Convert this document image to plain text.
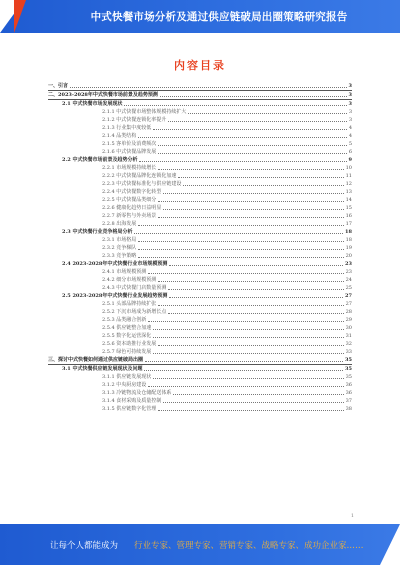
中式快餐市场分析及通过供应链破局出圈策略研究报告
内容目录
一、引言	3
二、2023-2028年中式快餐市场前景及趋势预测	3
2.1 中式快餐市场发展现状	3
2.1.1 中式快餐市场整体规模持续扩大	3
2.1.2 中式快餐连锁化率提升	3
2.1.3 行业集中度较低	4
2.1.4 品类结构	4
2.1.5 客单价及消费频次	5
2.1.6 中式快餐品牌发展	6
2.2 中式快餐市场前景及趋势分析	9
2.2.1 市场规模持续增长	10
2.2.2 中式快餐品牌化连锁化加速	11
2.2.3 中式快餐标准化与供应链建设	12
2.2.4 中式快餐数字化转型	13
2.2.5 中式快餐品类细分	14
2.2.6 健康化趋势日益明显	15
2.2.7 新零售与外卖场景	16
2.2.8 出海发展	17
2.3 中式快餐行业竞争格局分析	18
2.3.1 市场格局	18
2.3.2 竞争梯队	19
2.3.3 竞争策略	20
2.4 2023-2028年中式快餐行业市场规模预测	23
2.4.1 市场规模预测	23
2.4.2 细分市场规模预测	24
2.4.3 中式快餐门店数量预测	25
2.5 2023-2028年中式快餐行业发展趋势预测	27
2.5.1 头部品牌持续扩张	27
2.5.2 下沉市场成为新增长点	28
2.5.3 品类融合创新	29
2.5.4 供应链整合加速	30
2.5.5 数字化运营深化	31
2.5.6 资本助推行业发展	32
2.5.7 绿色可持续发展	33
三、探讨中式快餐如何通过供应链破局出圈	35
3.1 中式快餐供应链发展现状及问题	35
3.1.1 供应链发展现状	35
3.1.2 中央厨房建设	36
3.1.3 冷链物流及仓储配送体系	36
3.1.4 食材采购及质量控制	37
3.1.5 供应链数字化管理	38
1
让每个人都能成为 行业专家、管理专家、营销专家、战略专家、成功企业家……
